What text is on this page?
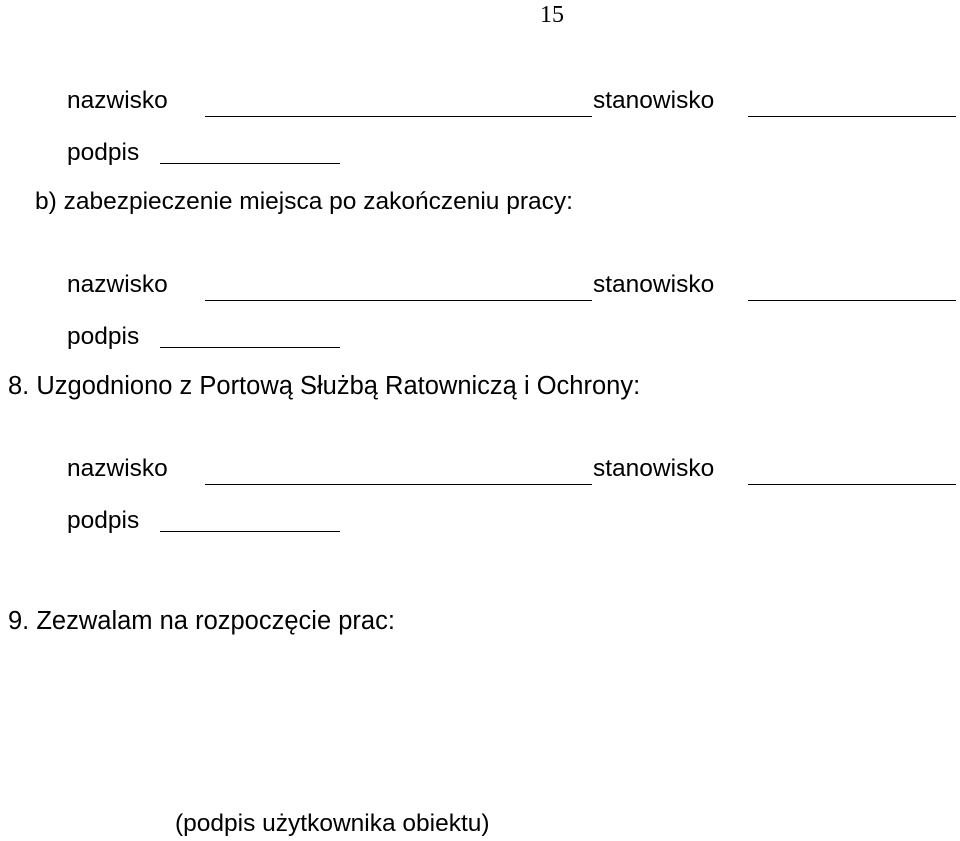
15
nazwisko	stanowisko
podpis
b) zabezpieczenie miejsca po zakończeniu pracy:
nazwisko	stanowisko
podpis
8. Uzgodniono z Portową Służbą Ratowniczą i Ochrony:
nazwisko	stanowisko
podpis
9. Zezwalam na rozpoczęcie prac:
(podpis użytkownika obiektu)
